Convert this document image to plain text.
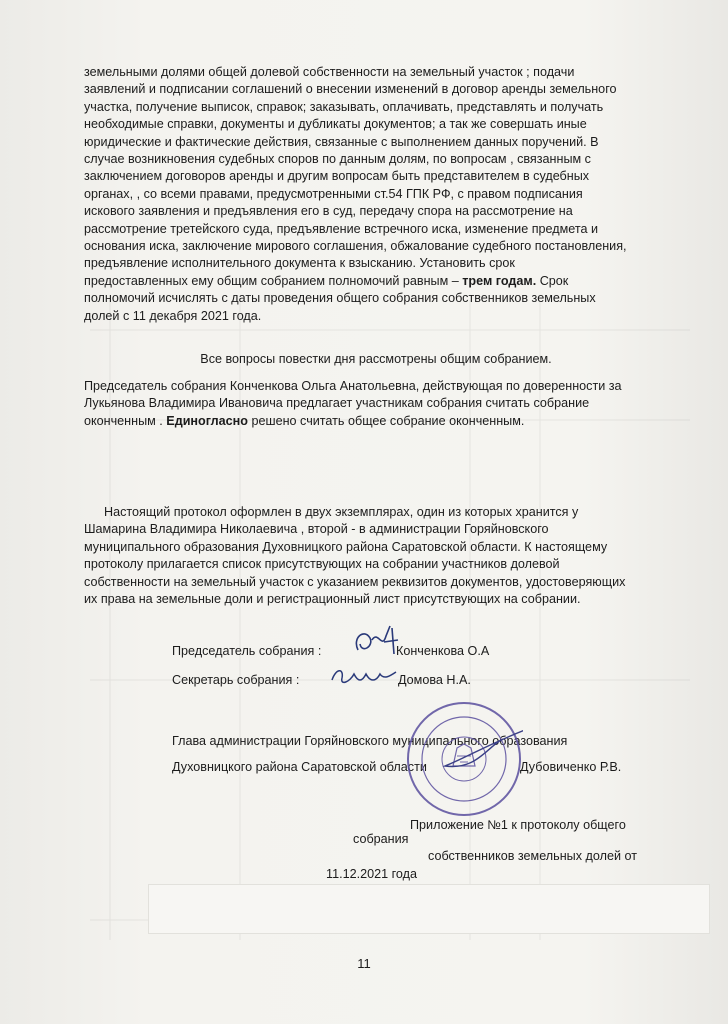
земельными долями общей долевой собственности на земельный участок ; подачи
заявлений и подписании соглашений о внесении изменений в договор аренды земельного
участка, получение выписок, справок; заказывать, оплачивать, представлять и получать
необходимые справки, документы и дубликаты документов; а так же совершать иные
юридические и фактические действия, связанные с выполнением данных поручений. В
случае возникновения судебных споров по данным долям, по вопросам , связанным с
заключением договоров аренды и другим вопросам быть представителем в судебных
органах, , со всеми правами, предусмотренными ст.54 ГПК РФ, с правом подписания
искового заявления и предъявления его в суд, передачу спора на рассмотрение на
рассмотрение третейского суда, предъявление встречного иска, изменение предмета и
основания иска, заключение мирового соглашения, обжалование судебного постановления,
предъявление исполнительного документа к взысканию. Установить срок
предоставленных ему общим собранием полномочий равным – трем годам. Срок
полномочий исчислять с даты проведения общего собрания собственников земельных
долей с 11 декабря 2021 года.
Все вопросы повестки дня рассмотрены общим собранием.
Председатель собрания Конченкова Ольга Анатольевна, действующая по доверенности за
Лукьянова Владимира Ивановича предлагает участникам собрания считать собрание
оконченным . Единогласно решено считать общее собрание оконченным.
Настоящий протокол оформлен в двух экземплярах, один из которых хранится у
Шамарина Владимира Николаевича , второй - в администрации Горяйновского
муниципального образования Духовницкого района Саратовской области. К настоящему
протоколу прилагается список присутствующих на собрании участников долевой
собственности на земельный участок с указанием реквизитов документов, удостоверяющих
их права на земельные доли и регистрационный лист присутствующих на собрании.
Председатель собрания :	Конченкова О.А
Секретарь собрания :	Домова Н.А.
Глава администрации Горяйновского муниципального образования
Духовницкого района Саратовской области	Дубовиченко Р.В.
Приложение №1 к протоколу общего
собрания
собственников земельных долей от
11.12.2021 года
11
